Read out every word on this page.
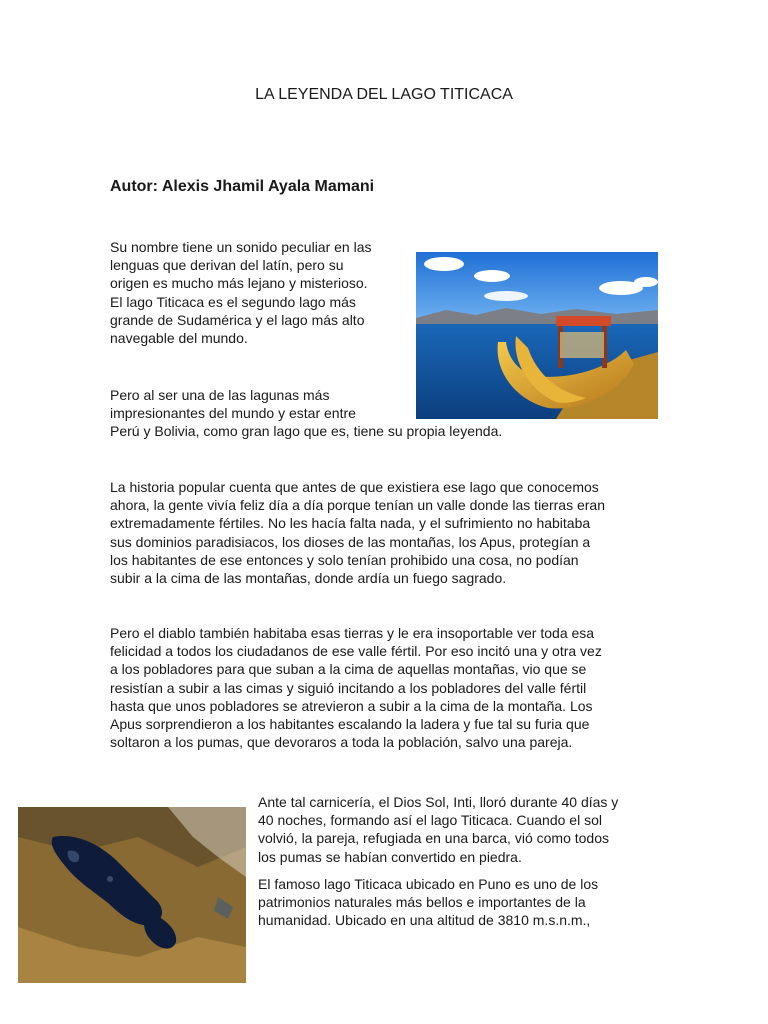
LA LEYENDA DEL LAGO TITICACA
Autor: Alexis Jhamil Ayala Mamani

Su nombre tiene un sonido peculiar en las
lenguas que derivan del latín, pero su
origen es mucho más lejano y misterioso.
El lago Titicaca es el segundo lago más
grande de Sudamérica y el lago más alto
navegable del mundo.

Pero al ser una de las lagunas más
impresionantes del mundo y estar entre
Perú y Bolivia, como gran lago que es, tiene su propia leyenda.

La historia popular cuenta que antes de que existiera ese lago que conocemos
ahora, la gente vivía feliz día a día porque tenían un valle donde las tierras eran
extremadamente fértiles. No les hacía falta nada, y el sufrimiento no habitaba
sus dominios paradisiacos, los dioses de las montañas, los Apus, protegían a
los habitantes de ese entonces y solo tenían prohibido una cosa, no podían
subir a la cima de las montañas, donde ardía un fuego sagrado.

Pero el diablo también habitaba esas tierras y le era insoportable ver toda esa
felicidad a todos los ciudadanos de ese valle fértil. Por eso incitó una y otra vez
a los pobladores para que suban a la cima de aquellas montañas, vio que se
resistían a subir a las cimas y siguió incitando a los pobladores del valle fértil
hasta que unos pobladores se atrevieron a subir a la cima de la montaña. Los
Apus sorprendieron a los habitantes escalando la ladera y fue tal su furia que
soltaron a los pumas, que devoraros a toda la población, salvo una pareja.

Ante tal carnicería, el Dios Sol, Inti, lloró durante 40 días y
40 noches, formando así el lago Titicaca. Cuando el sol
volvió, la pareja, refugiada en una barca, vió como todos
los pumas se habían convertido en piedra.

El famoso lago Titicaca ubicado en Puno es uno de los
patrimonios naturales más bellos e importantes de la
humanidad. Ubicado en una altitud de 3810 m.s.n.m.,
